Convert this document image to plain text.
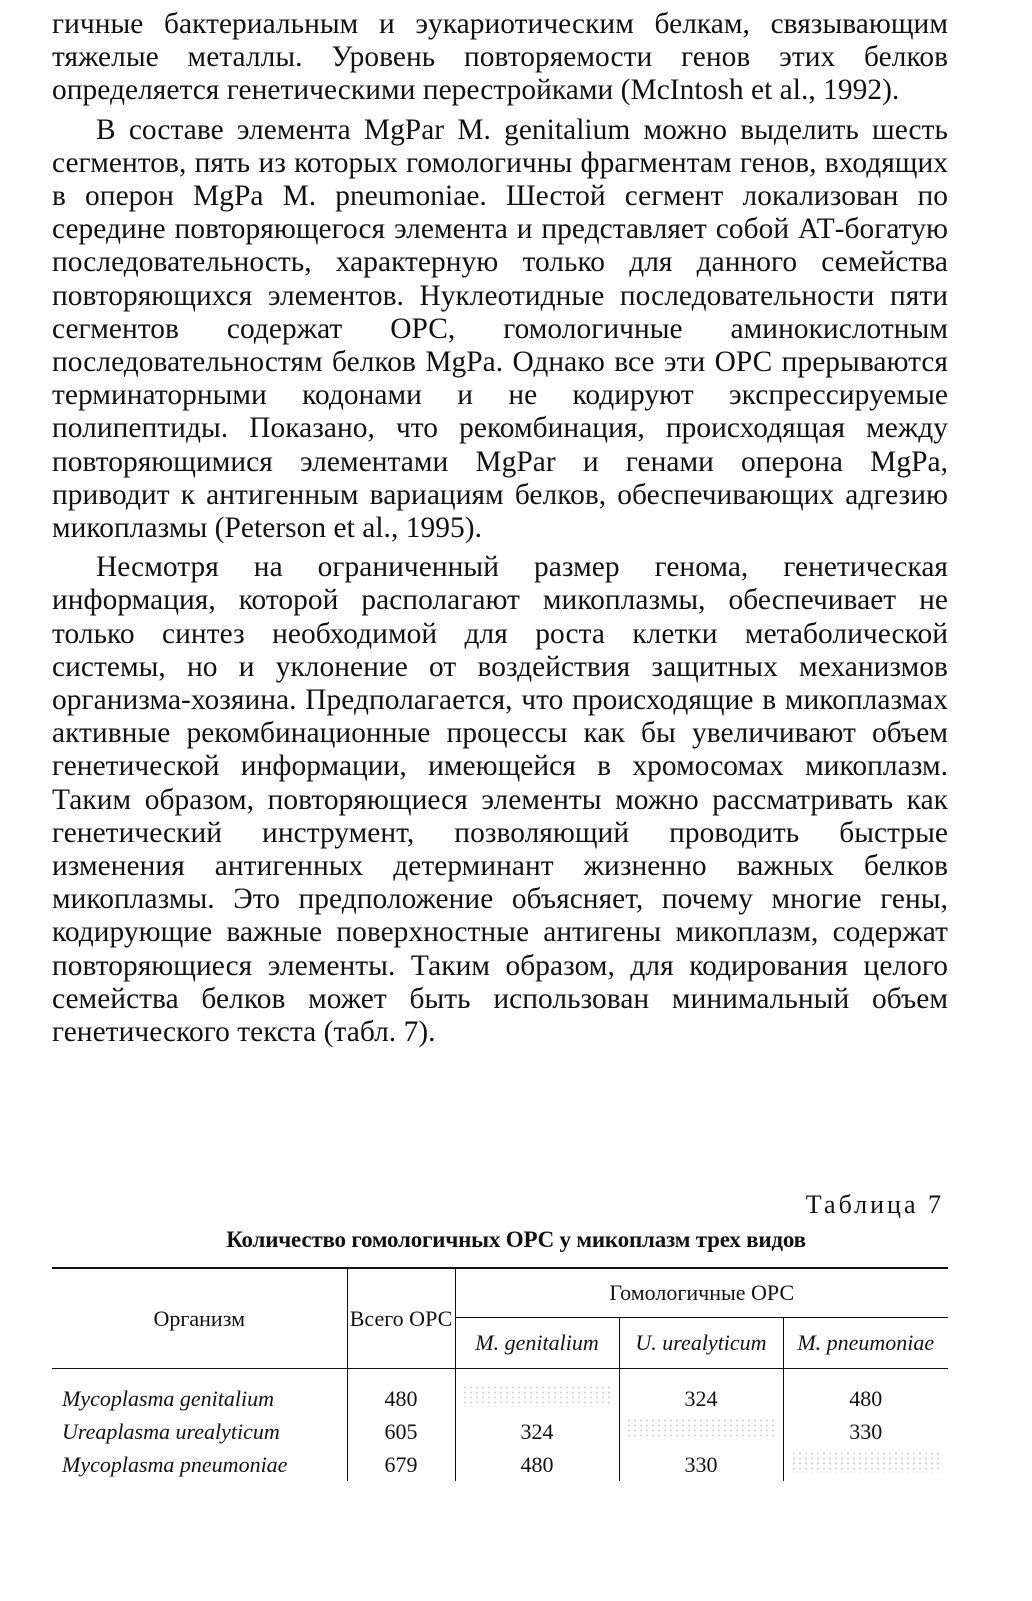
гичные бактериальным и эукариотическим белкам, связывающим тяжелые металлы. Уровень повторяемости генов этих белков определяется генетическими перестройками (McIntosh et al., 1992).

В составе элемента MgPar M. genitalium можно выделить шесть сегментов, пять из которых гомологичны фрагментам генов, входящих в оперон MgPa M. pneumoniae. Шестой сегмент локализован по середине повторяющегося элемента и представляет собой АТ-богатую последовательность, характерную только для данного семейства повторяющихся элементов. Нуклеотидные последовательности пяти сегментов содержат ОРС, гомологичные аминокислотным последовательностям белков MgPa. Однако все эти ОРС прерываются терминаторными кодонами и не кодируют экспрессируемые полипептиды. Показано, что рекомбинация, происходящая между повторяющимися элементами MgPar и генами оперона MgPa, приводит к антигенным вариациям белков, обеспечивающих адгезию микоплазмы (Peterson et al., 1995).

Несмотря на ограниченный размер генома, генетическая информация, которой располагают микоплазмы, обеспечивает не только синтез необходимой для роста клетки метаболической системы, но и уклонение от воздействия защитных механизмов организма-хозяина. Предполагается, что происходящие в микоплазмах активные рекомбинационные процессы как бы увеличивают объем генетической информации, имеющейся в хромосомах микоплазм. Таким образом, повторяющиеся элементы можно рассматривать как генетический инструмент, позволяющий проводить быстрые изменения антигенных детерминант жизненно важных белков микоплазмы. Это предположение объясняет, почему многие гены, кодирующие важные поверхностные антигены микоплазм, содержат повторяющиеся элементы. Таким образом, для кодирования целого семейства белков может быть использован минимальный объем генетического текста (табл. 7).

Таблица 7
Количество гомологичных ОРС у микоплазм трех видов
Организм	Всего ОРС	Гомологичные ОРС		
		M. genitalium	U. urealyticum	M. pneumoniae
Mycoplasma genitalium	480		324	480
Ureaplasma urealyticum	605	324		330
Mycoplasma pneumoniae	679	480	330	
